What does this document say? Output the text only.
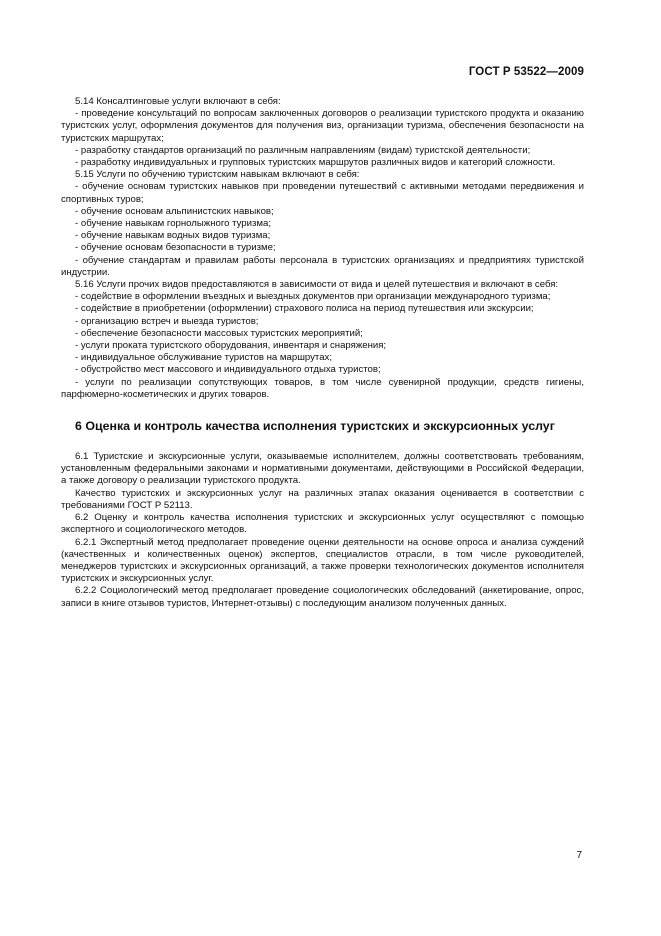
ГОСТ Р 53522—2009

5.14 Консалтинговые услуги включают в себя:

- проведение консультаций по вопросам заключенных договоров о реализации туристского продукта и оказанию туристских услуг, оформления документов для получения виз, организации туризма, обеспечения безопасности на туристских маршрутах;

- разработку стандартов организаций по различным направлениям (видам) туристской деятельности;

- разработку индивидуальных и групповых туристских маршрутов различных видов и категорий сложности.

5.15 Услуги по обучению туристским навыкам включают в себя:

- обучение основам туристских навыков при проведении путешествий с активными методами передвижения и спортивных туров;

- обучение основам альпинистских навыков;

- обучение навыкам горнолыжного туризма;

- обучение навыкам водных видов туризма;

- обучение основам безопасности в туризме;

- обучение стандартам и правилам работы персонала в туристских организациях и предприятиях туристской индустрии.

5.16 Услуги прочих видов предоставляются в зависимости от вида и целей путешествия и включают в себя:

- содействие в оформлении въездных и выездных документов при организации международного туризма;

- содействие в приобретении (оформлении) страхового полиса на период путешествия или экскурсии;

- организацию встреч и выезда туристов;

- обеспечение безопасности массовых туристских мероприятий;

- услуги проката туристского оборудования, инвентаря и снаряжения;

- индивидуальное обслуживание туристов на маршрутах;

- обустройство мест массового и индивидуального отдыха туристов;

- услуги по реализации сопутствующих товаров, в том числе сувенирной продукции, средств гигиены, парфюмерно-косметических и других товаров.

6 Оценка и контроль качества исполнения туристских и экскурсионных услуг

6.1 Туристские и экскурсионные услуги, оказываемые исполнителем, должны соответствовать требованиям, установленным федеральными законами и нормативными документами, действующими в Российской Федерации, а также договору о реализации туристского продукта.

Качество туристских и экскурсионных услуг на различных этапах оказания оценивается в соответствии с требованиями ГОСТ Р 52113.

6.2 Оценку и контроль качества исполнения туристских и экскурсионных услуг осуществляют с помощью экспертного и социологического методов.

6.2.1 Экспертный метод предполагает проведение оценки деятельности на основе опроса и анализа суждений (качественных и количественных оценок) экспертов, специалистов отрасли, в том числе руководителей, менеджеров туристских и экскурсионных организаций, а также проверки технологических документов исполнителя туристских и экскурсионных услуг.

6.2.2 Социологический метод предполагает проведение социологических обследований (анкетирование, опрос, записи в книге отзывов туристов, Интернет-отзывы) с последующим анализом полученных данных.

7
